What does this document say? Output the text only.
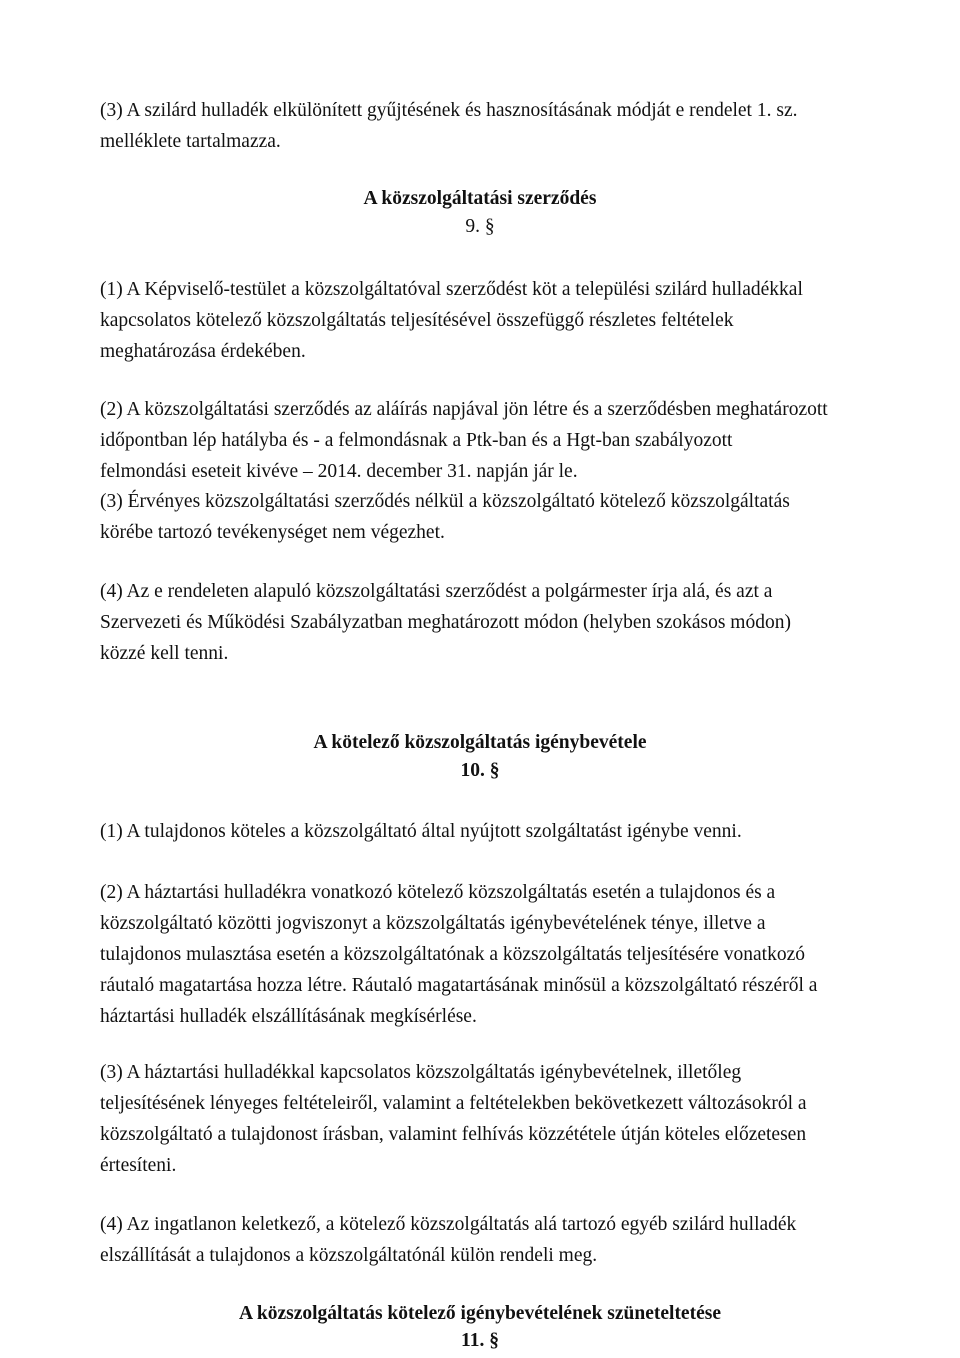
(3) A szilárd hulladék elkülönített gyűjtésének és hasznosításának módját e rendelet 1. sz.
melléklete tartalmazza.
A közszolgáltatási szerződés
9. §
(1) A Képviselő-testület a közszolgáltatóval szerződést köt a települési szilárd hulladékkal
kapcsolatos kötelező közszolgáltatás teljesítésével összefüggő részletes feltételek
meghatározása érdekében.
(2) A közszolgáltatási szerződés az aláírás napjával jön létre és a szerződésben meghatározott
időpontban lép hatályba és - a felmondásnak a Ptk-ban és a Hgt-ban szabályozott
felmondási eseteit kivéve – 2014. december 31. napján jár le.
(3) Érvényes közszolgáltatási szerződés nélkül a közszolgáltató kötelező közszolgáltatás
körébe tartozó tevékenységet nem végezhet.
(4) Az e rendeleten alapuló közszolgáltatási szerződést a polgármester írja alá, és azt a
Szervezeti és Működési Szabályzatban meghatározott módon (helyben szokásos módon)
közzé kell tenni.
A kötelező közszolgáltatás igénybevétele
10. §
(1) A tulajdonos köteles a közszolgáltató által nyújtott szolgáltatást igénybe venni.
(2) A háztartási hulladékra vonatkozó kötelező közszolgáltatás esetén a tulajdonos és a
közszolgáltató közötti jogviszonyt a közszolgáltatás igénybevételének ténye, illetve a
tulajdonos mulasztása esetén a közszolgáltatónak a közszolgáltatás teljesítésére vonatkozó
ráutaló magatartása hozza létre. Ráutaló magatartásának minősül a közszolgáltató részéről a
háztartási hulladék elszállításának megkísérlése.
(3) A háztartási hulladékkal kapcsolatos közszolgáltatás igénybevételnek, illetőleg
teljesítésének lényeges feltételeiről, valamint a feltételekben bekövetkezett változásokról a
közszolgáltató a tulajdonost írásban, valamint felhívás közzététele útján köteles előzetesen
értesíteni.
(4) Az ingatlanon keletkező, a kötelező közszolgáltatás alá tartozó egyéb szilárd hulladék
elszállítását a tulajdonos a közszolgáltatónál külön rendeli meg.
A közszolgáltatás kötelező igénybevételének szüneteltetése
11. §
